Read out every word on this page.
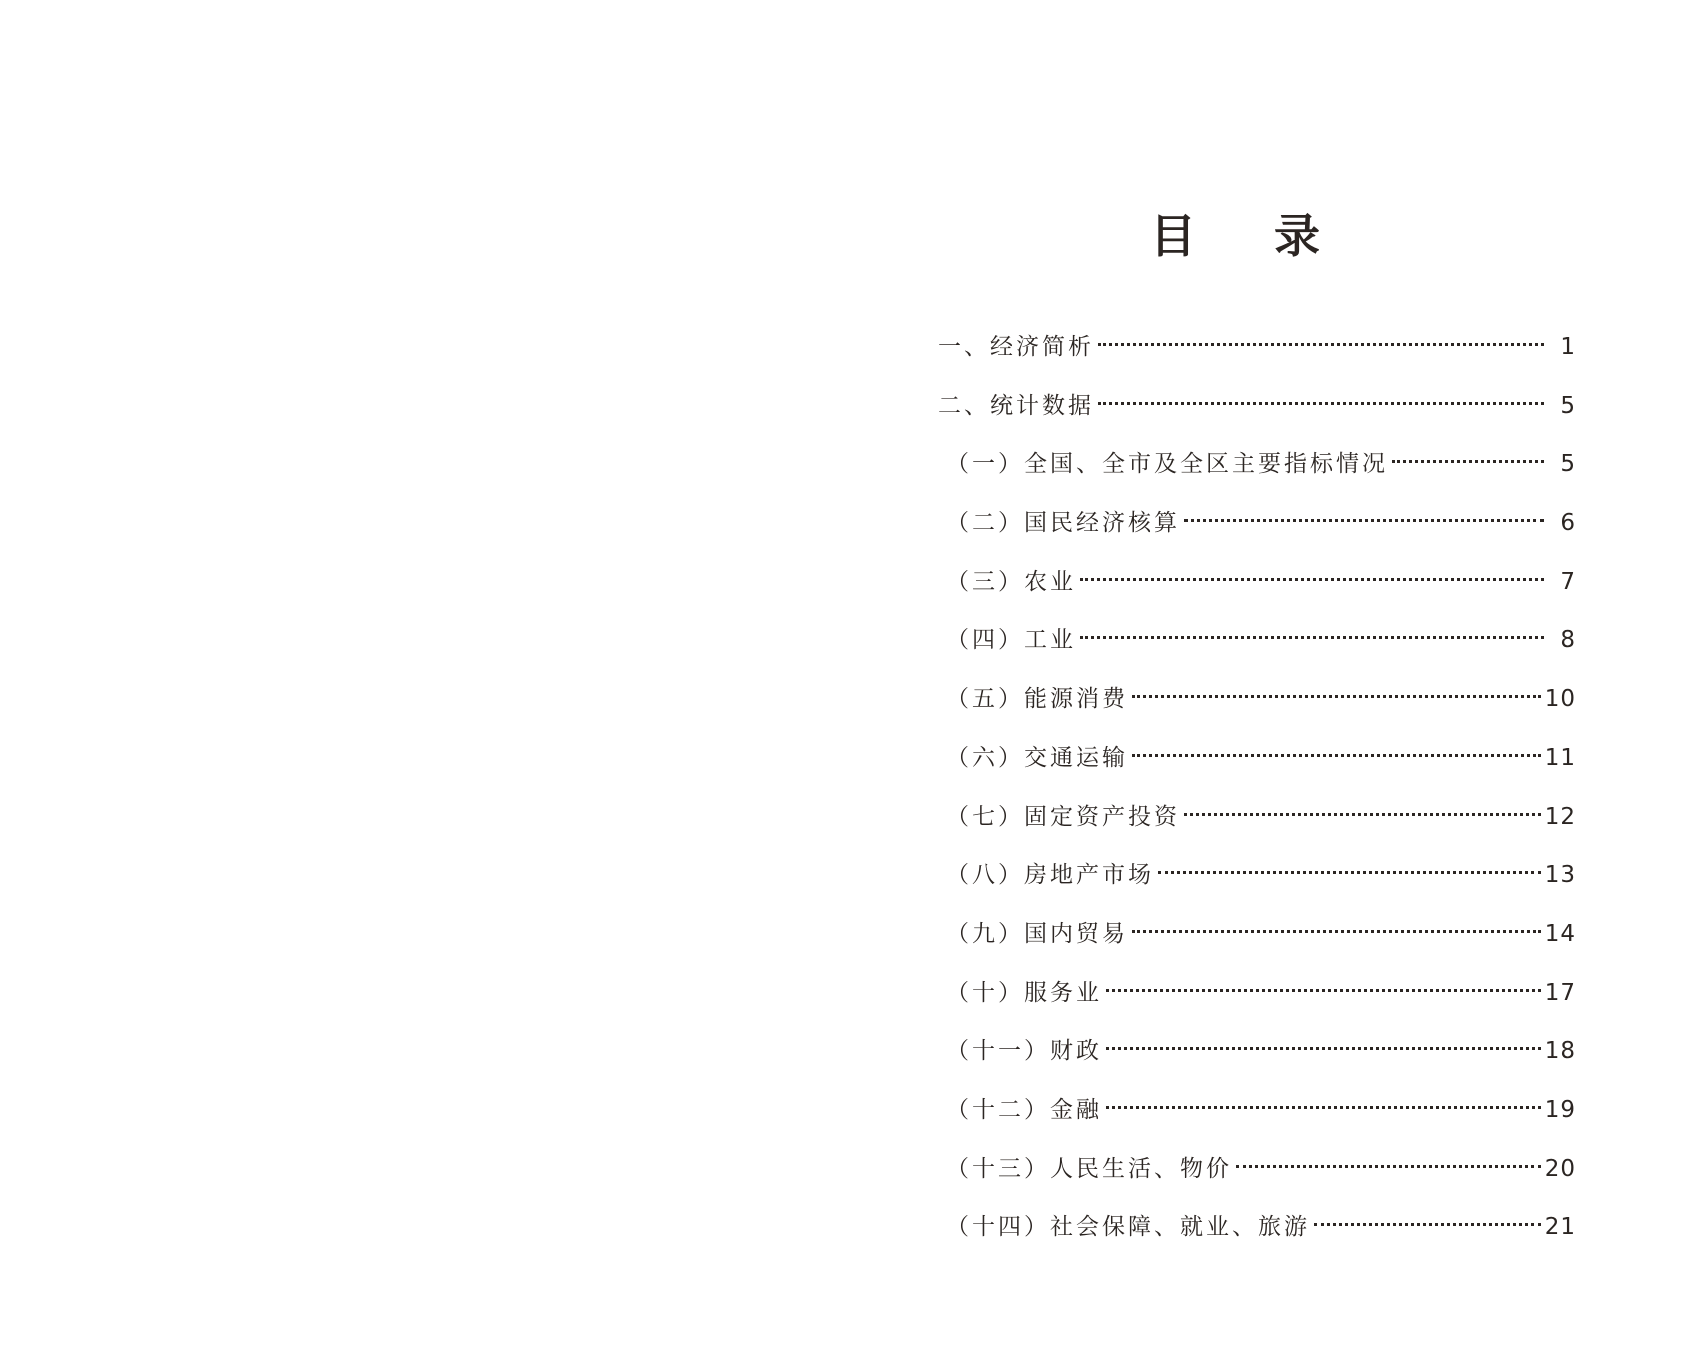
目录
一、经济简析	1
二、统计数据	5
（一）全国、全市及全区主要指标情况	5
（二）国民经济核算	6
（三）农业	7
（四）工业	8
（五）能源消费	10
（六）交通运输	11
（七）固定资产投资	12
（八）房地产市场	13
（九）国内贸易	14
（十）服务业	17
（十一）财政	18
（十二）金融	19
（十三）人民生活、物价	20
（十四）社会保障、就业、旅游	21
